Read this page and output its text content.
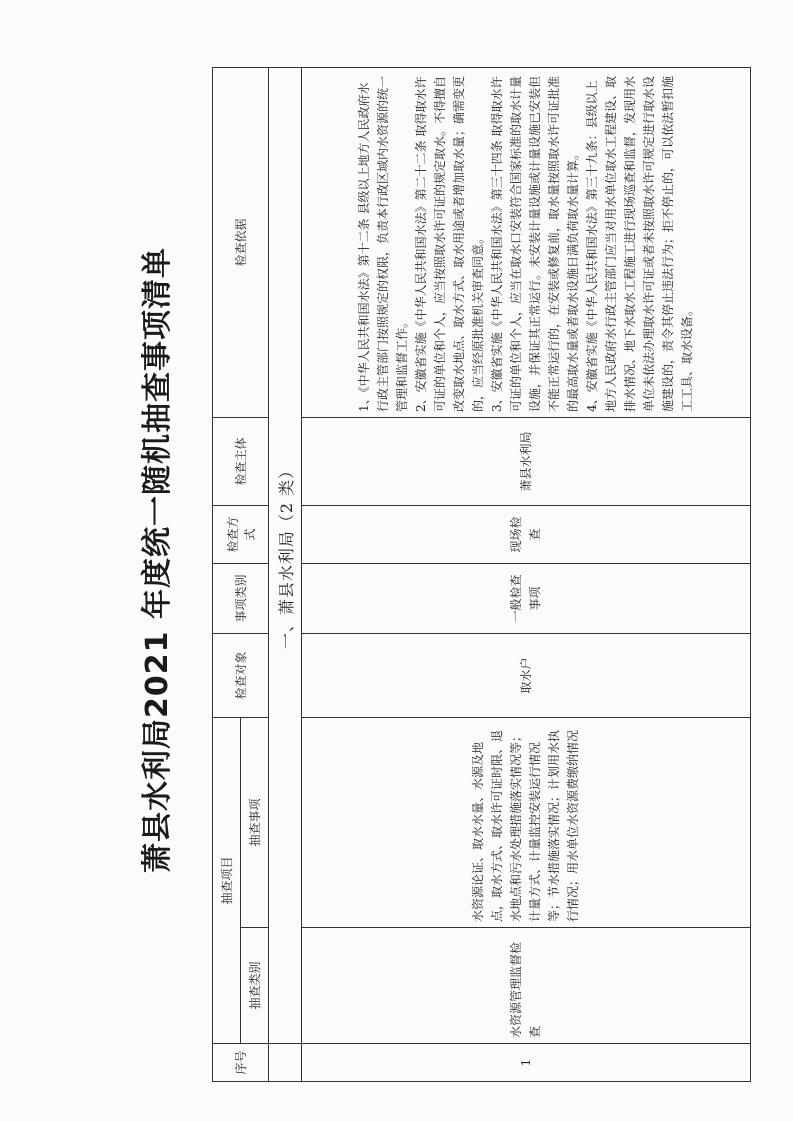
萧县水利局2021 年度统一随机抽查事项清单
序号	抽查项目		检查对象	事项类别	检查方式	检查主体	检查依据
	抽查类别	抽查事项					
	一、萧县水利局（2 类）						
1	水资源管理监督检查	水资源论证、取水水量、水源及地点，取水方式、取水许可证时限、退水地点和污水处理措施落实情况等；计量方式、计量监控安装运行情况等；节水措施落实情况；计划用水执行情况；用水单位水资源费缴纳情况	取水户	一般检查事项	现场检查	萧县水利局	1、《中华人民共和国水法》第十二条 县级以上地方人民政府水行政主管部门按照规定的权限，负责本行政区域内水资源的统一管理和监督工作。 2、安徽省实施《中华人民共和国水法》第二十二条 取得取水许可证的单位和个人，应当按照取水许可证的规定取水。不得擅自改变取水地点、取水方式、取水用途或者增加取水量；确需变更的，应当经原批准机关审查同意。 3、安徽省实施《中华人民共和国水法》第三十四条 取得取水许可证的单位和个人，应当在取水口安装符合国家标准的取水计量设施，并保证其正常运行。未安装计量设施或计量设施已安装但不能正常运行的，在安装或修复前，取水量按照取水许可证批准的最高取水量或者取水设施日满负荷取水量计算。 4、安徽省实施《中华人民共和国水法》第三十九条：县级以上地方人民政府水行政主管部门应当对用水单位取水工程建设、取排水情况、地下水取水工程施工进行现场巡查和监督，发现用水单位未依法办理取水许可证或者未按照取水许可规定进行取水设施建设的，责令其停止违法行为；拒不停止的，可以依法暂扣施工工具、取水设备。
